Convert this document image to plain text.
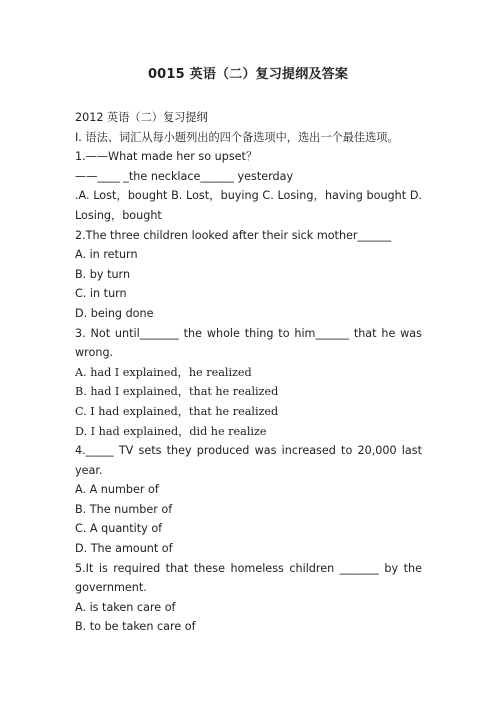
0015 英语（二）复习提纲及答案
2012 英语（二）复习提纲
I. 语法、词汇从每小题列出的四个备选项中，选出一个最佳选项。
1.——What made her so upset？
——____ _the necklace______ yesterday
.A. Lost，bought B. Lost，buying C. Losing，having bought D. Losing，bought
2.The three children looked after their sick mother______
A. in return
B. by turn
C. in turn
D. being done
3. Not until_______ the whole thing to him______ that he was wrong.
A. had I explained，he realized
B. had I explained，that he realized
C. I had explained，that he realized
D. I had explained，did he realize
4._____ TV sets they produced was increased to 20,000 last year.
A. A number of
B. The number of
C. A quantity of
D. The amount of
5.It is required that these homeless children _______ by the government.
A. is taken care of
B. to be taken care of
